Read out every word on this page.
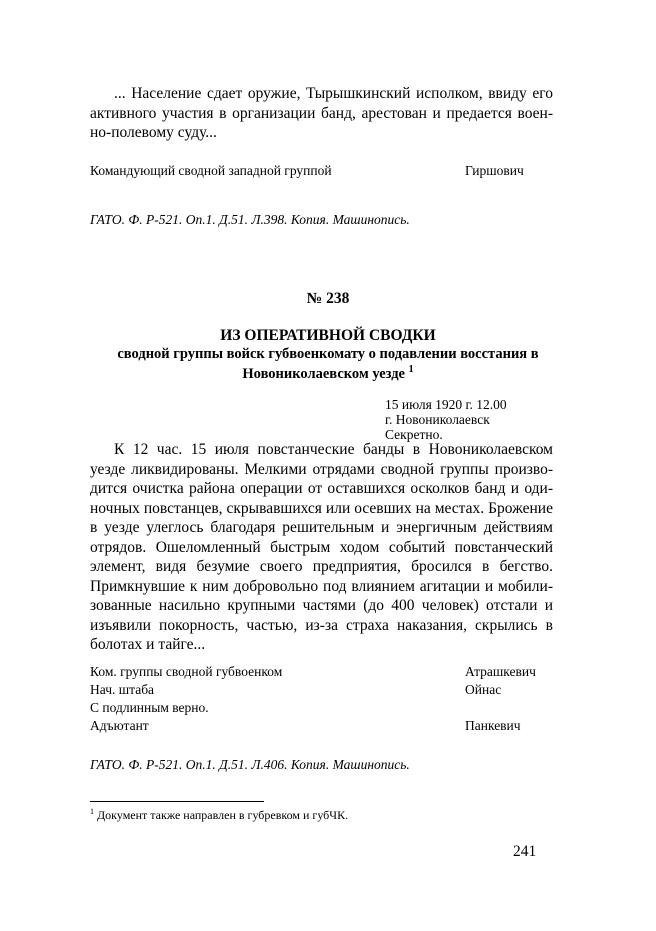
... Население сдает оружие, Тырышкинский исполком, ввиду его
активного участия в организации банд, арестован и предается воен-
но-полевому суду...
Командующий сводной западной группой	Гиршович
ГАТО. Ф. Р-521. Оп.1. Д.51. Л.398. Копия. Машинопись.
№ 238
ИЗ ОПЕРАТИВНОЙ СВОДКИ
сводной группы войск губвоенкомату о подавлении восстания в
Новониколаевском уезде $^1$
15 июля 1920 г. 12.00
г. Новониколаевск
Секретно.
К 12 час. 15 июля повстанческие банды в Новониколаевском
уезде ликвидированы. Мелкими отрядами сводной группы произво-
дится очистка района операции от оставшихся осколков банд и оди-
ночных повстанцев, скрывавшихся или осевших на местах. Брожение
в уезде улеглось благодаря решительным и энергичным действиям
отрядов. Ошеломленный быстрым ходом событий повстанческий
элемент, видя безумие своего предприятия, бросился в бегство.
Примкнувшие к ним добровольно под влиянием агитации и мобили-
зованные насильно крупными частями (до 400 человек) отстали и
изъявили покорность, частью, из-за страха наказания, скрылись в
болотах и тайге...
Ком. группы сводной губвоенком	Атрашкевич
Нач. штаба	Ойнас
С подлинным верно.
Адъютант	Панкевич
ГАТО. Ф. Р-521. Оп.1. Д.51. Л.406. Копия. Машинопись.
$^1$ Документ также направлен в губревком и губЧК.
241
